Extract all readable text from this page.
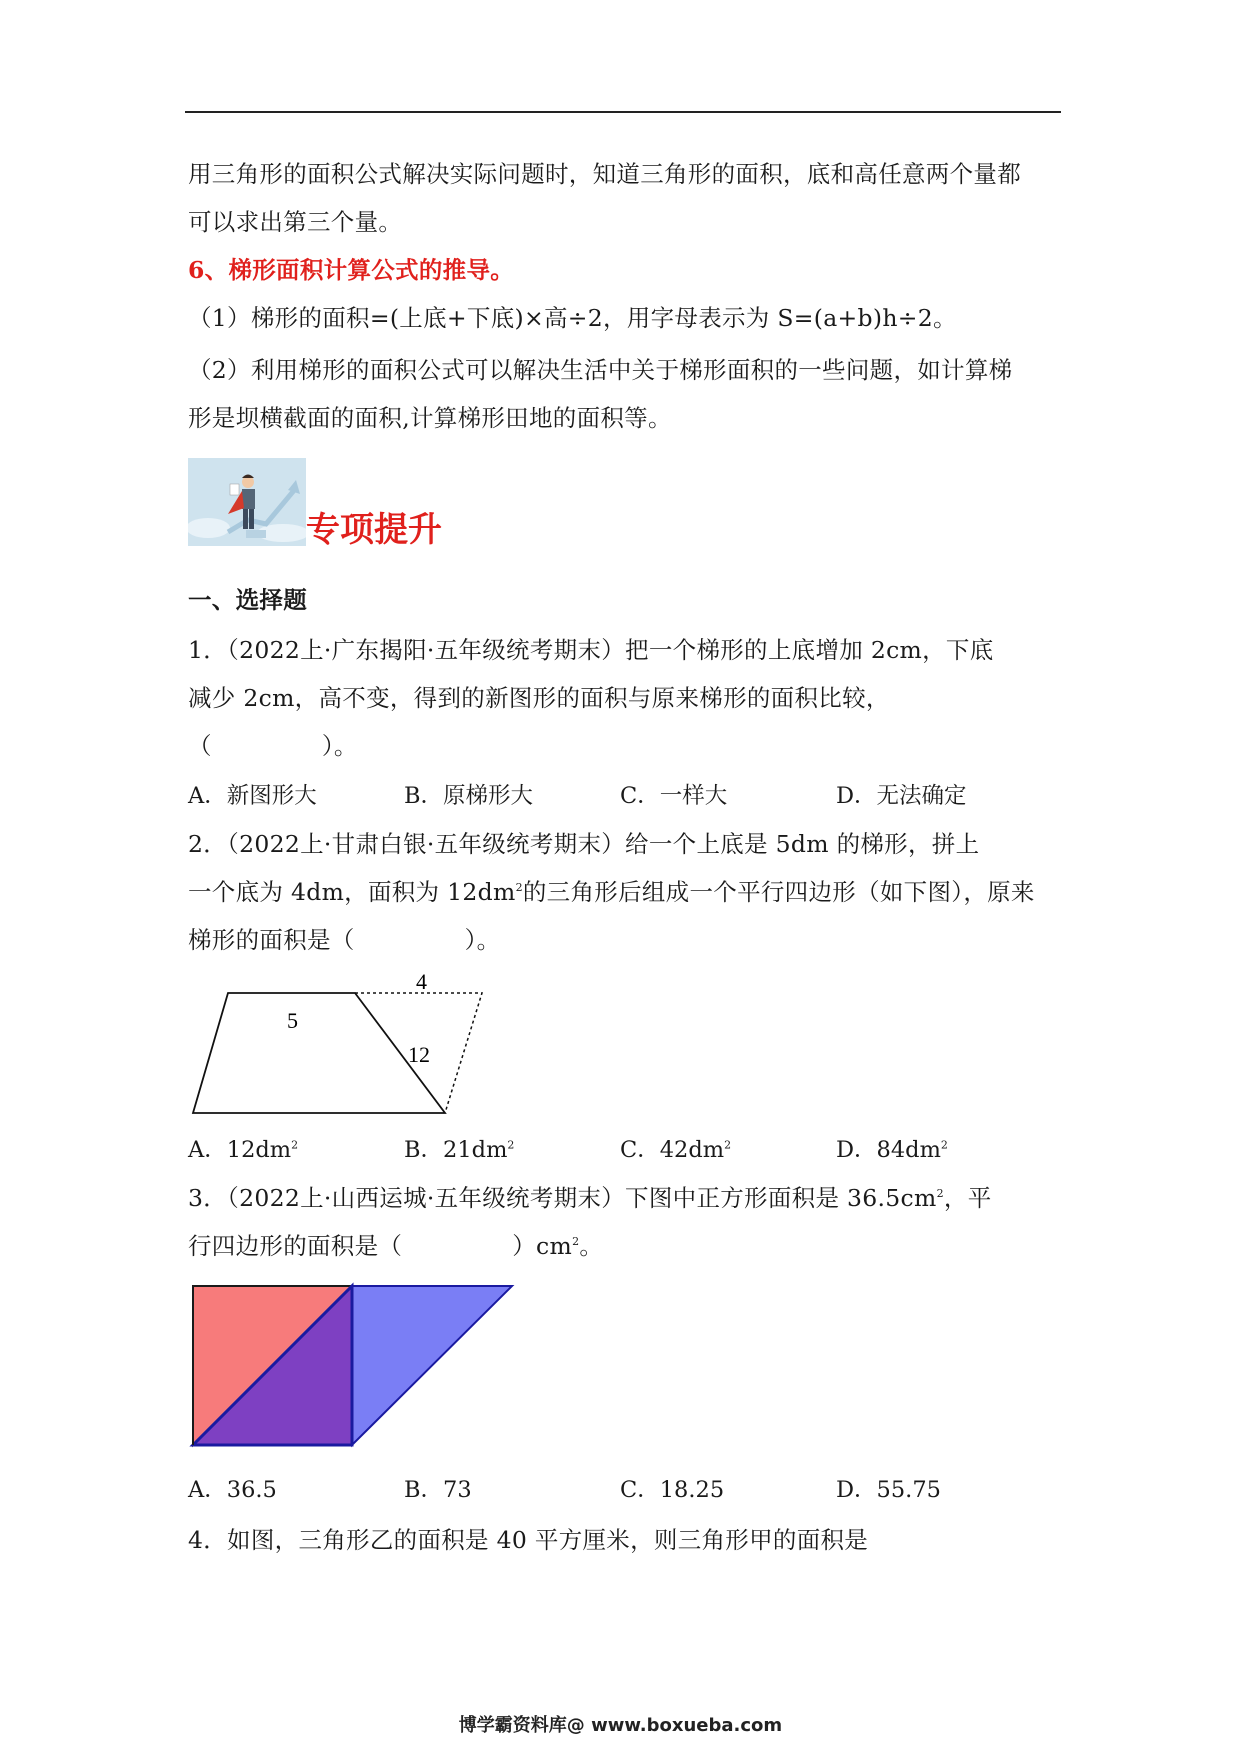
用三角形的面积公式解决实际问题时，知道三角形的面积，底和高任意两个量都
可以求出第三个量。
6、梯形面积计算公式的推导。
（1）梯形的面积=(上底+下底)×高÷2，用字母表示为 S=(a+b)h÷2。
（2）利用梯形的面积公式可以解决生活中关于梯形面积的一些问题，如计算梯
形是坝横截面的面积,计算梯形田地的面积等。
专项提升
一、选择题
1．（2022上·广东揭阳·五年级统考期末）把一个梯形的上底增加 2cm，下底
减少 2cm，高不变，得到的新图形的面积与原来梯形的面积比较，
（	）。
A．新图形大	B．原梯形大	C．一样大	D．无法确定
2．（2022上·甘肃白银·五年级统考期末）给一个上底是 5dm 的梯形，拼上
一个底为 4dm，面积为 $12dm^2$的三角形后组成一个平行四边形（如下图），原来
梯形的面积是（	）。
5
4
12
A．$12dm^2$	B．$21dm^2$	C．$42dm^2$	D．$84dm^2$
3．（2022上·山西运城·五年级统考期末）下图中正方形面积是 $36.5cm^2$，平
行四边形的面积是（	）$cm^2$。
A．36.5	B．73	C．18.25	D．55.75
4．如图，三角形乙的面积是 40 平方厘米，则三角形甲的面积是
博学霸资料库@ www.boxueba.com
